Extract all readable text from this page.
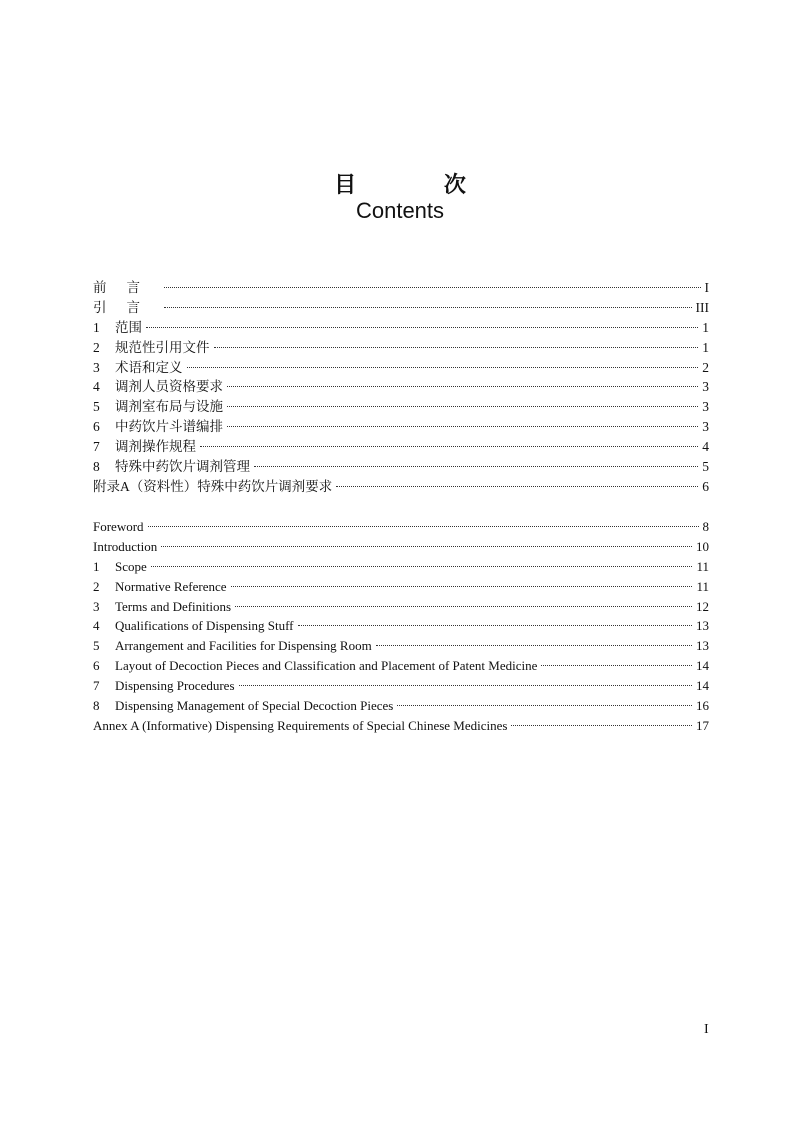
目 次
Contents
前言	I
引言	III
1	范围	1
2	规范性引用文件	1
3	术语和定义	2
4	调剂人员资格要求	3
5	调剂室布局与设施	3
6	中药饮片斗谱编排	3
7	调剂操作规程	4
8	特殊中药饮片调剂管理	5
附录A（资料性）特殊中药饮片调剂要求	6
Foreword	8
Introduction	10
1	Scope	11
2	Normative Reference	11
3	Terms and Definitions	12
4	Qualifications of Dispensing Stuff	13
5	Arrangement and Facilities for Dispensing Room	13
6	Layout of Decoction Pieces and Classification and Placement of Patent Medicine	14
7	Dispensing Procedures	14
8	Dispensing Management of Special Decoction Pieces	16
Annex A (Informative) Dispensing Requirements of Special Chinese Medicines	17
I
